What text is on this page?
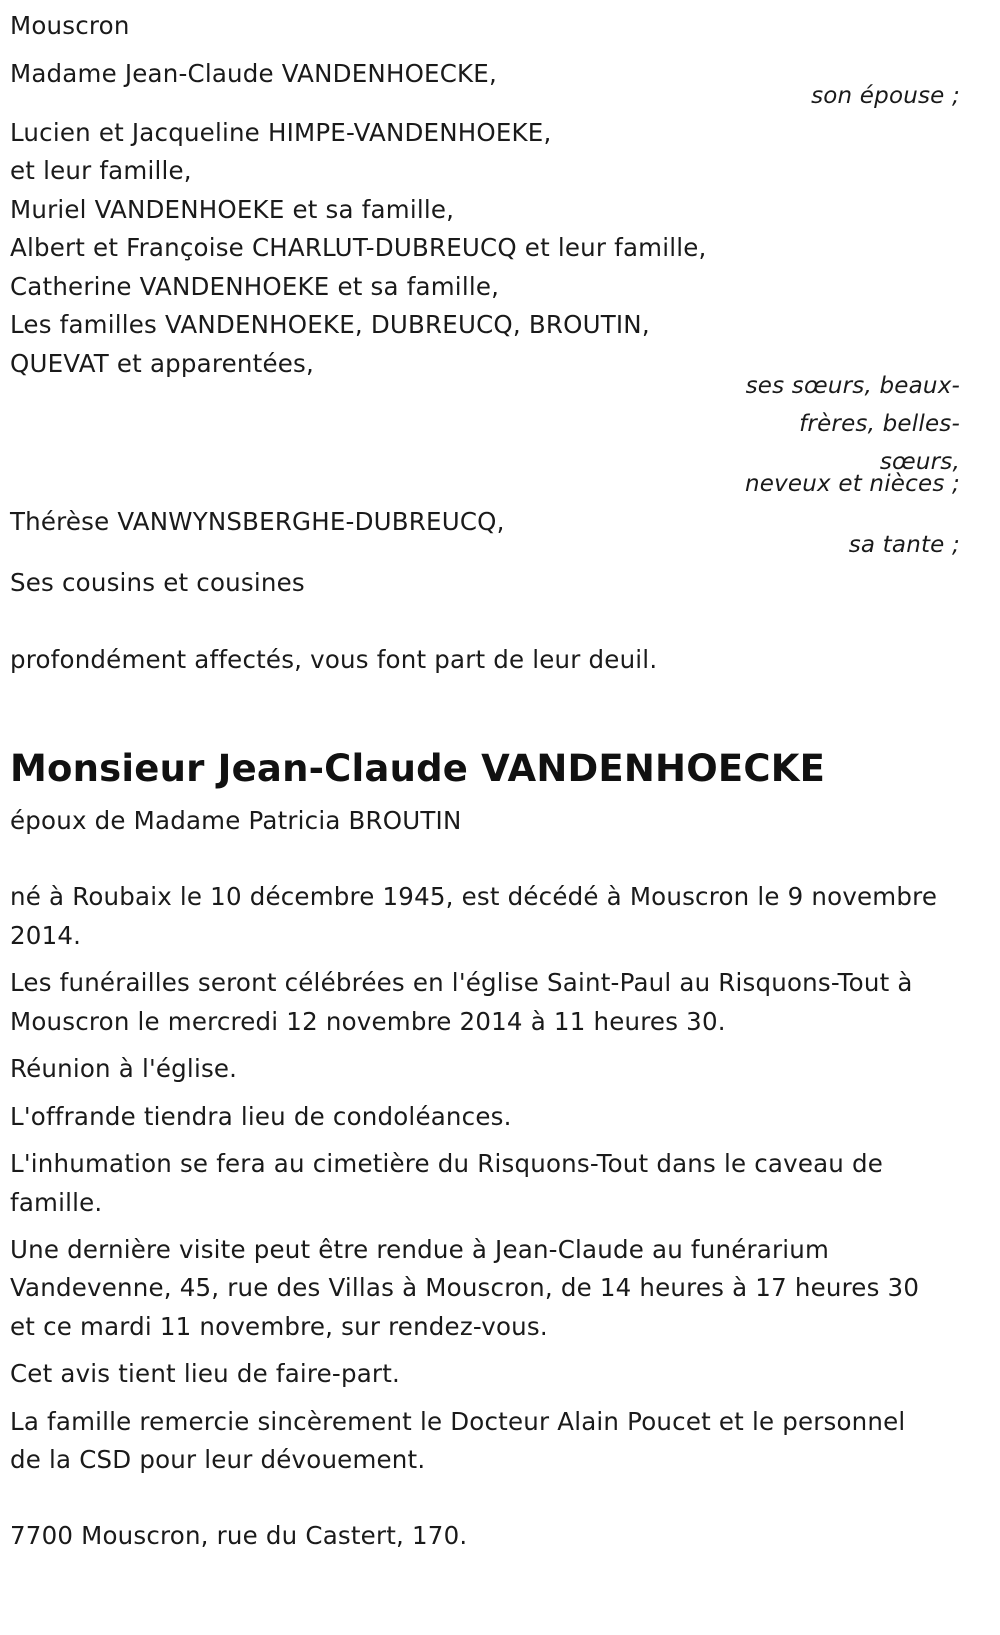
Mouscron
Madame Jean-Claude VANDENHOECKE,
son épouse ;
Lucien et Jacqueline HIMPE-VANDENHOEKE,
et leur famille,
Muriel VANDENHOEKE et sa famille,
Albert et Françoise CHARLUT-DUBREUCQ et leur famille,
Catherine VANDENHOEKE et sa famille,
Les familles VANDENHOEKE, DUBREUCQ, BROUTIN,
QUEVAT et apparentées,
ses sœurs, beaux-
frères, belles-
sœurs,
neveux et nièces ;
Thérèse VANWYNSBERGHE-DUBREUCQ,
sa tante ;
Ses cousins et cousines
profondément affectés, vous font part de leur deuil.
Monsieur Jean-Claude VANDENHOECKE
époux de Madame Patricia BROUTIN
né à Roubaix le 10 décembre 1945, est décédé à Mouscron le 9 novembre
2014.
Les funérailles seront célébrées en l'église Saint-Paul au Risquons-Tout à
Mouscron le mercredi 12 novembre 2014 à 11 heures 30.
Réunion à l'église.
L'offrande tiendra lieu de condoléances.
L'inhumation se fera au cimetière du Risquons-Tout dans le caveau de
famille.
Une dernière visite peut être rendue à Jean-Claude au funérarium
Vandevenne, 45, rue des Villas à Mouscron, de 14 heures à 17 heures 30
et ce mardi 11 novembre, sur rendez-vous.
Cet avis tient lieu de faire-part.
La famille remercie sincèrement le Docteur Alain Poucet et le personnel
de la CSD pour leur dévouement.
7700 Mouscron, rue du Castert, 170.
